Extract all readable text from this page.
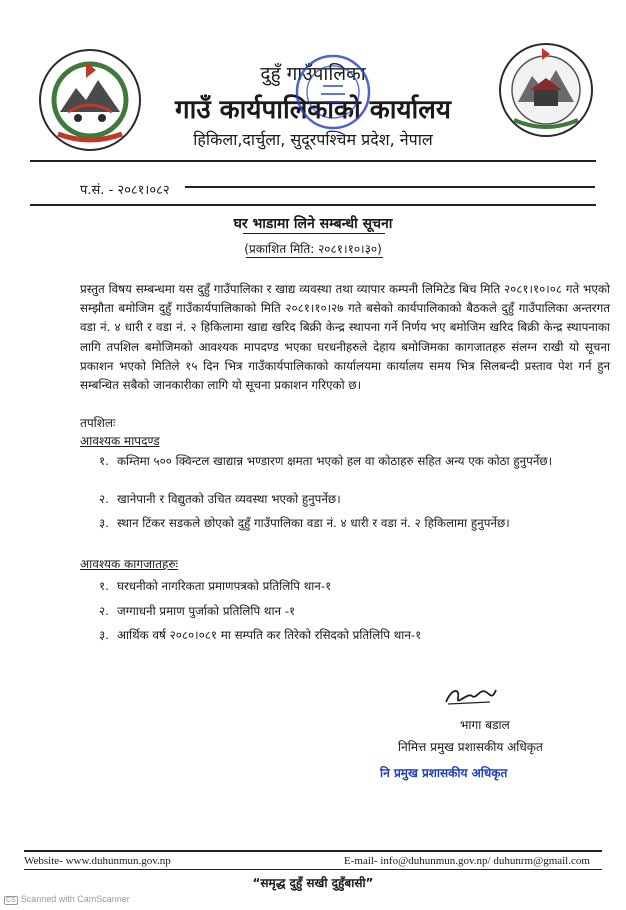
दुहुँ गाउँपालिका
गाउँ कार्यपालिकाको कार्यालय
हिकिला,दार्चुला, सुदूरपश्चिम प्रदेश, नेपाल
प.सं. - २०८१।०८२
घर भाडामा लिने सम्बन्धी सूचना
(प्रकाशित मिति: २०८१।१०।३०)
प्रस्तुत विषय सम्बन्धमा यस दुहुँ गाउँपालिका र खाद्य व्यवस्था तथा व्यापार कम्पनी लिमिटेड बिच मिति २०८१।१०।०८ गते भएको सम्झौता बमोजिम दुहुँ गाउँकार्यपालिकाको मिति २०८१।१०।२७ गते बसेको कार्यपालिकाको बैठकले दुहुँ गाउँपालिका अन्तरगत वडा नं. ४ धारी र वडा नं. २ हिकिलामा खाद्य खरिद बिक्री केन्द्र स्थापना गर्ने निर्णय भए बमोजिम खरिद बिक्री केन्द्र स्थापनाका लागि तपशिल बमोजिमको आवश्यक मापदण्ड भएका घरधनीहरुले देहाय बमोजिमका कागजातहरु संलग्न राखी यो सूचना प्रकाशन भएको मितिले १५ दिन भित्र गाउँकार्यपालिकाको कार्यालयमा कार्यालय समय भित्र सिलबन्दी प्रस्ताव पेश गर्न हुन सम्बन्धित सबैको जानकारीका लागि यो सूचना प्रकाशन गरिएको छ।
तपशिलः
आवश्यक मापदण्ड
१. कम्तिमा ५०० क्विन्टल खाद्यान्न भण्डारण क्षमता भएको हल वा कोठाहरु सहित अन्य एक कोठा हुनुपर्नेछ।
२. खानेपानी र विद्युतको उचित व्यवस्था भएको हुनुपर्नेछ।
३. स्थान टिंकर सडकले छोएको दुहुँ गाउँपालिका वडा नं. ४ धारी र वडा नं. २ हिकिलामा हुनुपर्नेछ।
आवश्यक कागजातहरुः
१. घरधनीको नागरिकता प्रमाणपत्रको प्रतिलिपि थान-१
२. जग्गाधनी प्रमाण पुर्जाको प्रतिलिपि थान -१
३. आर्थिक वर्ष २०८०।०८१ मा सम्पति कर तिरेको रसिदको प्रतिलिपि थान-१
भागा बडाल
निमित्त प्रमुख प्रशासकीय अधिकृत
नि प्रमुख प्रशासकीय अधिकृत
Website- www.duhunmun.gov.np	E-mail- info@duhunmun.gov.np/ duhunrm@gmail.com
“समृद्ध दुहुँ सखी दुहुँबासी”
CS Scanned with CamScanner
